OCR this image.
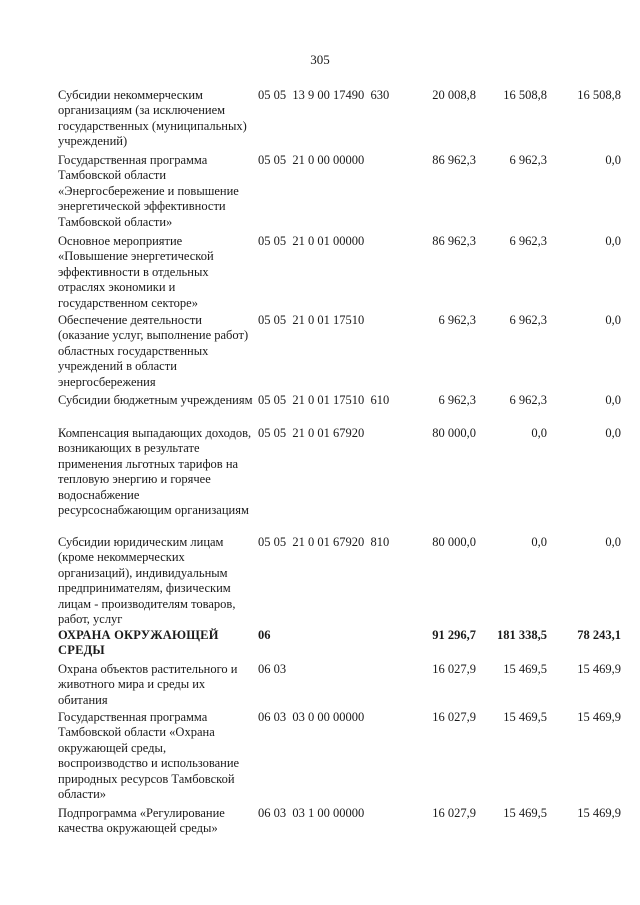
305
Субсидии некоммерческим организациям (за исключением государственных (муниципальных) учреждений)
05 05  13 9 00 17490  630	20 008,8	16 508,8	16 508,8
Государственная программа Тамбовской области «Энергосбережение и повышение энергетической эффективности Тамбовской области»
05 05  21 0 00 00000	86 962,3	6 962,3	0,0
Основное мероприятие «Повышение энергетической эффективности в отдельных отраслях экономики и государственном секторе»
05 05  21 0 01 00000	86 962,3	6 962,3	0,0
Обеспечение деятельности (оказание услуг, выполнение работ) областных государственных учреждений в области энергосбережения
05 05  21 0 01 17510	6 962,3	6 962,3	0,0
Субсидии бюджетным учреждениям 05 05  21 0 01 17510  610	6 962,3	6 962,3	0,0
Компенсация выпадающих доходов, возникающих в результате применения льготных тарифов на тепловую энергию и горячее водоснабжение ресурсоснабжающим организациям
05 05  21 0 01 67920	80 000,0	0,0	0,0
Субсидии юридическим лицам (кроме некоммерческих организаций), индивидуальным предпринимателям, физическим лицам - производителям товаров, работ, услуг
05 05  21 0 01 67920  810	80 000,0	0,0	0,0
ОХРАНА ОКРУЖАЮЩЕЙ СРЕДЫ
06	91 296,7	181 338,5	78 243,1
Охрана объектов растительного и животного мира и среды их обитания
06 03	16 027,9	15 469,5	15 469,9
Государственная программа Тамбовской области «Охрана окружающей среды, воспроизводство и использование природных ресурсов Тамбовской области»
06 03  03 0 00 00000	16 027,9	15 469,5	15 469,9
Подпрограмма «Регулирование качества окружающей среды»
06 03  03 1 00 00000	16 027,9	15 469,5	15 469,9
